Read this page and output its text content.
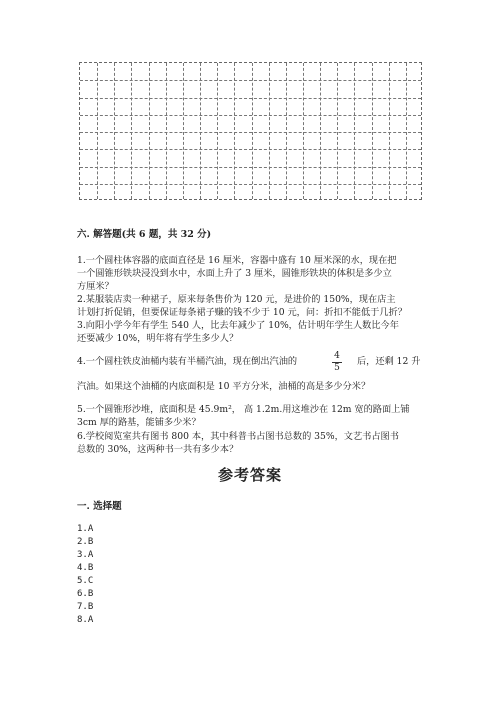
六. 解答题(共 6 题，共 32 分)
1.一个圆柱体容器的底面直径是 16 厘米，容器中盛有 10 厘米深的水，现在把
一个圆锥形铁块浸没到水中，水面上升了 3 厘米，圆锥形铁块的体积是多少立
方厘米？
2.某服装店卖一种裙子，原来每条售价为 120 元，是进价的 150%，现在店主
计划打折促销，但要保证每条裙子赚的钱不少于 10 元，问：折扣不能低于几折？
3.向阳小学今年有学生 540 人，比去年减少了 10%，估计明年学生人数比今年
还要减少 10%，明年将有学生多少人？
4.一个圆柱铁皮油桶内装有半桶汽油，现在倒出汽油的	4
5
后，还剩 12 升
汽油。如果这个油桶的内底面积是 10 平方分米，油桶的高是多少分米？
5.一个圆锥形沙堆，底面积是 45.9m²， 高 1.2m.用这堆沙在 12m 宽的路面上铺
3cm 厚的路基，能铺多少米？
6.学校阅览室共有图书 800 本，其中科普书占图书总数的 35%，文艺书占图书
总数的 30%，这两种书一共有多少本？
参考答案
一. 选择题
1.A
2.B
3.A
4.B
5.C
6.B
7.B
8.A
